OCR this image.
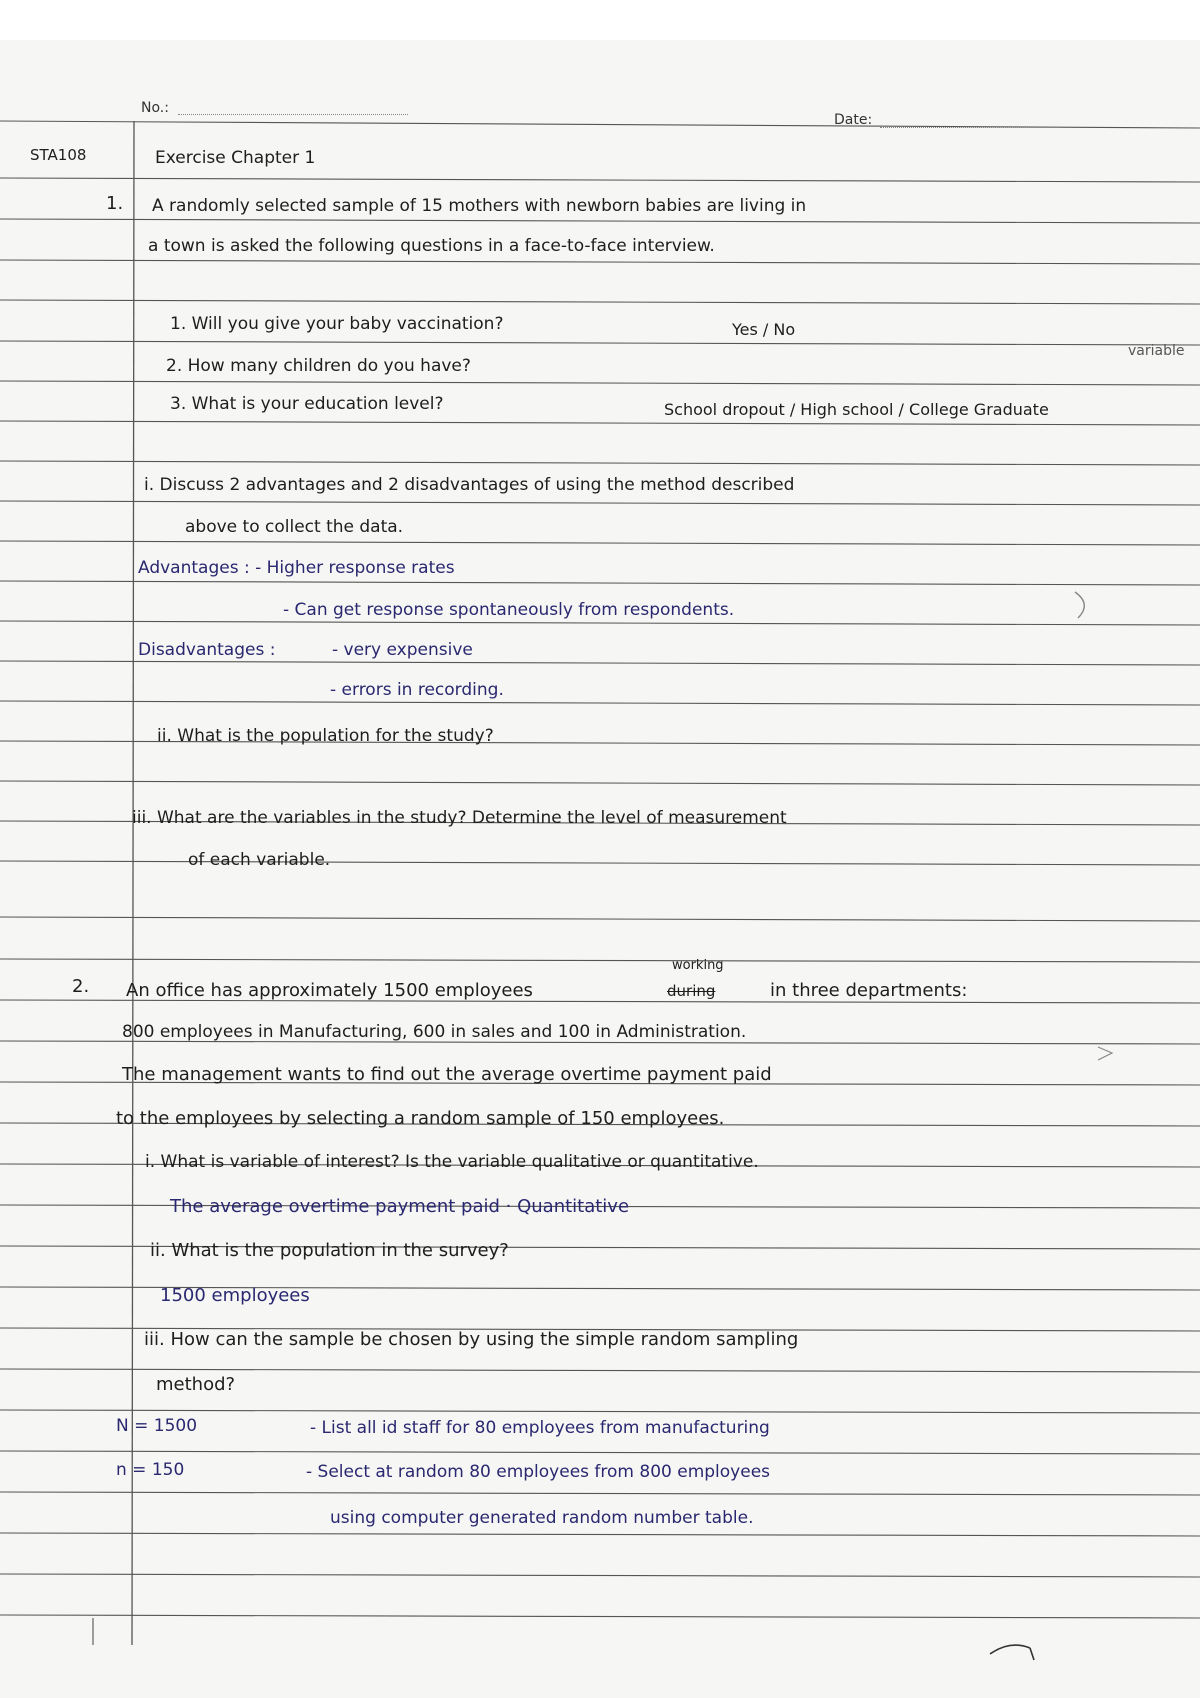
No.:
Date:
STA108	Exercise Chapter 1
1. A randomly selected sample of 15 mothers with newborn babies are living in
a town is asked the following questions in a face-to-face interview.
1. Will you give your baby vaccination?	Yes / No
variable
2. How many children do you have?
3. What is your education level?	School dropout / High school / College Graduate
i. Discuss 2 advantages and 2 disadvantages of using the method described
above to collect the data.
Advantages : - Higher response rates
- Can get response spontaneously from respondents.
Disadvantages :	- very expensive
- errors in recording.
ii. What is the population for the study?
iii. What are the variables in the study? Determine the level of measurement
of each variable.
2. An office has approximately 1500 employees
working
during	in three departments:
800 employees in Manufacturing, 600 in sales and 100 in Administration.
The management wants to find out the average overtime payment paid
to the employees by selecting a random sample of 150 employees.
i. What is variable of interest? Is the variable qualitative or quantitative.
The average overtime payment paid · Quantitative
ii. What is the population in the survey?
1500 employees
iii. How can the sample be chosen by using the simple random sampling
method?
N = 1500
n = 150
- List all id staff for 80 employees from manufacturing
- Select at random 80 employees from 800 employees
using computer generated random number table.
